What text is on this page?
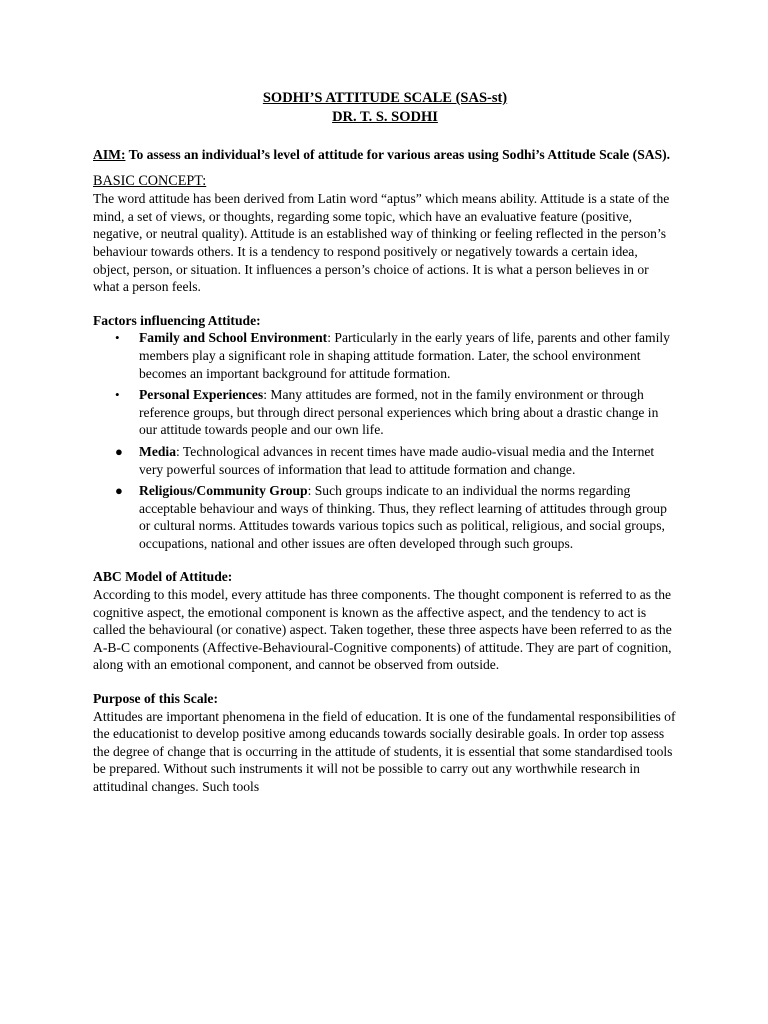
SODHI’S ATTITUDE SCALE (SAS-st)
DR. T. S. SODHI

AIM: To assess an individual’s level of attitude for various areas using Sodhi’s Attitude Scale (SAS).

BASIC CONCEPT:

The word attitude has been derived from Latin word “aptus” which means ability. Attitude is a state of the mind, a set of views, or thoughts, regarding some topic, which have an evaluative feature (positive, negative, or neutral quality). Attitude is an established way of thinking or feeling reflected in the person’s behaviour towards others. It is a tendency to respond positively or negatively towards a certain idea, object, person, or situation. It influences a person’s choice of actions. It is what a person believes in or what a person feels.

Factors influencing Attitude:
• Family and School Environment: Particularly in the early years of life, parents and other family members play a significant role in shaping attitude formation. Later, the school environment becomes an important background for attitude formation.
• Personal Experiences: Many attitudes are formed, not in the family environment or through reference groups, but through direct personal experiences which bring about a drastic change in our attitude towards people and our own life.
● Media: Technological advances in recent times have made audio-visual media and the Internet very powerful sources of information that lead to attitude formation and change.
● Religious/Community Group: Such groups indicate to an individual the norms regarding acceptable behaviour and ways of thinking. Thus, they reflect learning of attitudes through group or cultural norms. Attitudes towards various topics such as political, religious, and social groups, occupations, national and other issues are often developed through such groups.
ABC Model of Attitude:

According to this model, every attitude has three components. The thought component is referred to as the cognitive aspect, the emotional component is known as the affective aspect, and the tendency to act is called the behavioural (or conative) aspect. Taken together, these three aspects have been referred to as the A-B-C components (Affective-Behavioural-Cognitive components) of attitude. They are part of cognition, along with an emotional component, and cannot be observed from outside.

Purpose of this Scale:

Attitudes are important phenomena in the field of education. It is one of the fundamental responsibilities of the educationist to develop positive among educands towards socially desirable goals. In order top assess the degree of change that is occurring in the attitude of students, it is essential that some standardised tools be prepared. Without such instruments it will not be possible to carry out any worthwhile research in attitudinal changes. Such tools
